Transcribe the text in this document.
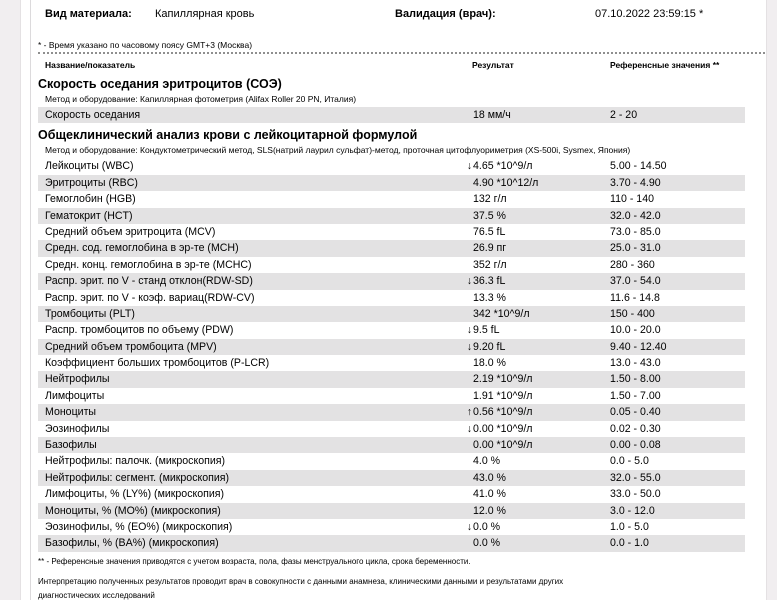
Вид материала: Капиллярная кровь	Валидация (врач):	07.10.2022 23:59:15 *
* - Время указано по часовому поясу GMT+3 (Москва)
Название/показатель	Результат	Референсные значения **
Скорость оседания эритроцитов (СОЭ)
Метод и оборудование: Капиллярная фотометрия (Alifax Roller 20 PN, Италия)
Скорость оседания	18 мм/ч	2 - 20
Общеклинический анализ крови с лейкоцитарной формулой
Метод и оборудование: Кондуктометрический метод, SLS(натрий лаурил сульфат)-метод, проточная цитофлуориметрия (XS-500i, Sysmex, Япония)
Лейкоциты (WBC)	↓4.65 *10^9/л	5.00 - 14.50
Эритроциты (RBC)	4.90 *10^12/л	3.70 - 4.90
Гемоглобин (HGB)	132 г/л	110 - 140
Гематокрит (HCT)	37.5 %	32.0 - 42.0
Средний объем эритроцита (MCV)	76.5 fL	73.0 - 85.0
Средн. сод. гемоглобина в эр-те (MCH)	26.9 пг	25.0 - 31.0
Средн. конц. гемоглобина в эр-те (MCHC)	352 г/л	280 - 360
Распр. эрит. по V - станд отклон(RDW-SD)	↓36.3 fL	37.0 - 54.0
Распр. эрит. по V - коэф. вариац(RDW-CV)	13.3 %	11.6 - 14.8
Тромбоциты (PLT)	342 *10^9/л	150 - 400
Распр. тромбоцитов по объему (PDW)	↓9.5 fL	10.0 - 20.0
Средний объем тромбоцита (MPV)	↓9.20 fL	9.40 - 12.40
Коэффициент больших тромбоцитов (P-LCR)	18.0 %	13.0 - 43.0
Нейтрофилы	2.19 *10^9/л	1.50 - 8.00
Лимфоциты	1.91 *10^9/л	1.50 - 7.00
Моноциты	↑0.56 *10^9/л	0.05 - 0.40
Эозинофилы	↓0.00 *10^9/л	0.02 - 0.30
Базофилы	0.00 *10^9/л	0.00 - 0.08
Нейтрофилы: палочк. (микроскопия)	4.0 %	0.0 - 5.0
Нейтрофилы: сегмент. (микроскопия)	43.0 %	32.0 - 55.0
Лимфоциты, % (LY%) (микроскопия)	41.0 %	33.0 - 50.0
Моноциты, % (MO%) (микроскопия)	12.0 %	3.0 - 12.0
Эозинофилы, % (EO%) (микроскопия)	↓0.0 %	1.0 - 5.0
Базофилы, % (BA%) (микроскопия)	0.0 %	0.0 - 1.0
** - Референсные значения приводятся с учетом возраста, пола, фазы менструального цикла, срока беременности.
Интерпретацию полученных результатов проводит врач в совокупности с данными анамнеза, клиническими данными и результатами других
диагностических исследований
